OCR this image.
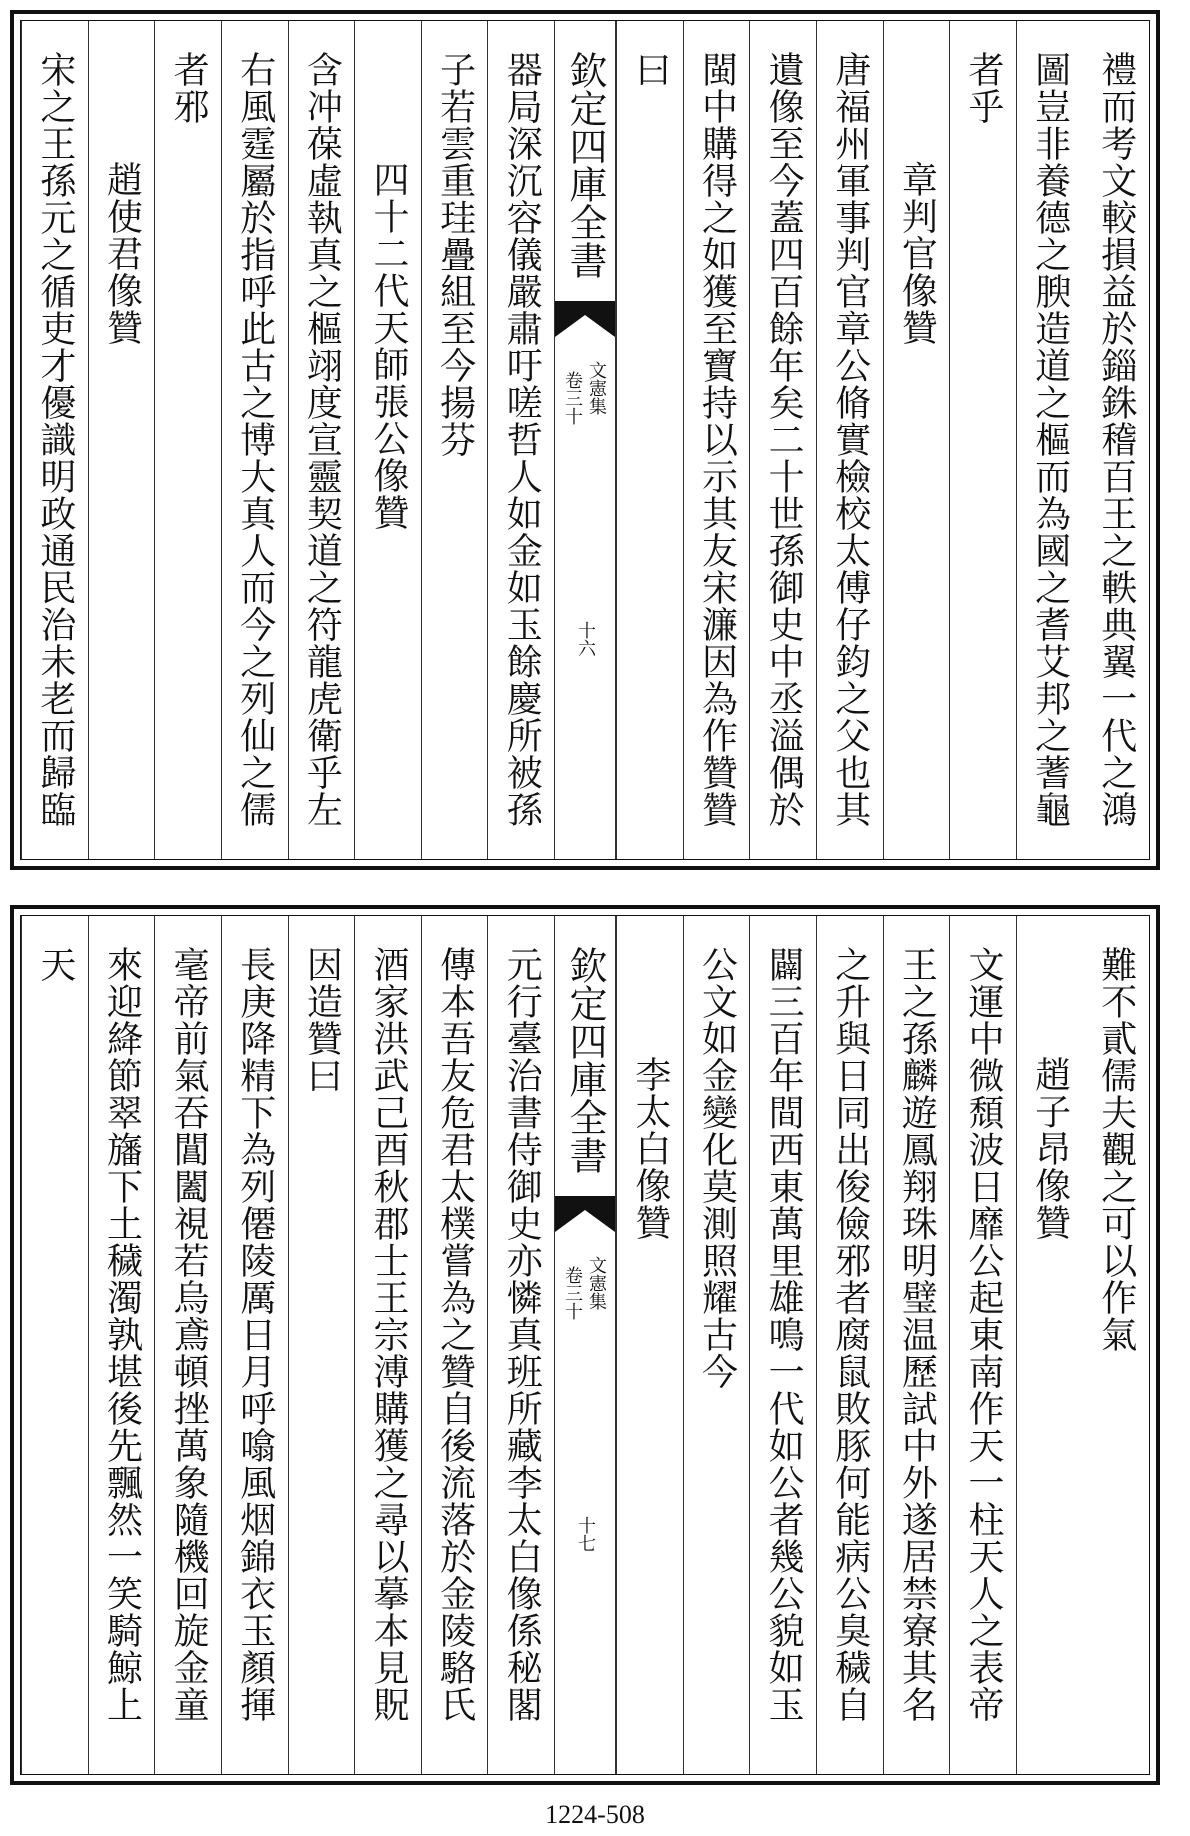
禮而考文較損益於錙銖稽百王之軼典翼一代之鴻
圖豈非養德之腴造道之樞而為國之耆艾邦之蓍龜
者乎
章判官像贊
唐福州軍事判官章公脩實檢校太傅仔鈞之父也其
遺像至今蓋四百餘年矣二十世孫御史中丞溢偶於
閩中購得之如獲至寶持以示其友宋濂因為作贊贊
曰
欽定四庫全書
文憲集
卷三十
十六
器局深沉容儀嚴肅吁嗟哲人如金如玉餘慶所被孫
子若雲重珪疊組至今揚芬
四十二代天師張公像贊
含冲葆虛執真之樞翊度宣靈契道之符龍虎衛乎左
右風霆屬於指呼此古之博大真人而今之列仙之儒
者邪
趙使君像贊
宋之王孫元之循吏才優識明政通民治未老而歸臨
難不貳儒夫觀之可以作氣
趙子昂像贊
文運中微頹波日靡公起東南作天一柱天人之表帝
王之孫麟遊鳳翔珠明璧温歷試中外遂居禁寮其名
之升與日同出俊儉邪者腐鼠敗豚何能病公臭穢自
闢三百年間西東萬里雄鳴一代如公者幾公貌如玉
公文如金變化莫測照耀古今
李太白像贊
欽定四庫全書
文憲集
卷三十
十七
元行臺治書侍御史亦憐真班所藏李太白像係秘閣
傳本吾友危君太樸嘗為之贊自後流落於金陵駱氏
酒家洪武己酉秋郡士王宗溥購獲之尋以摹本見貺
因造贊曰
長庚降精下為列僊陵厲日月呼噏風烟錦衣玉顏揮
毫帝前氣吞閶闔視若烏鳶頓挫萬象隨機回旋金童
來迎絳節翠旛下土穢濁孰堪後先飄然一笑騎鯨上
天
1224-508
